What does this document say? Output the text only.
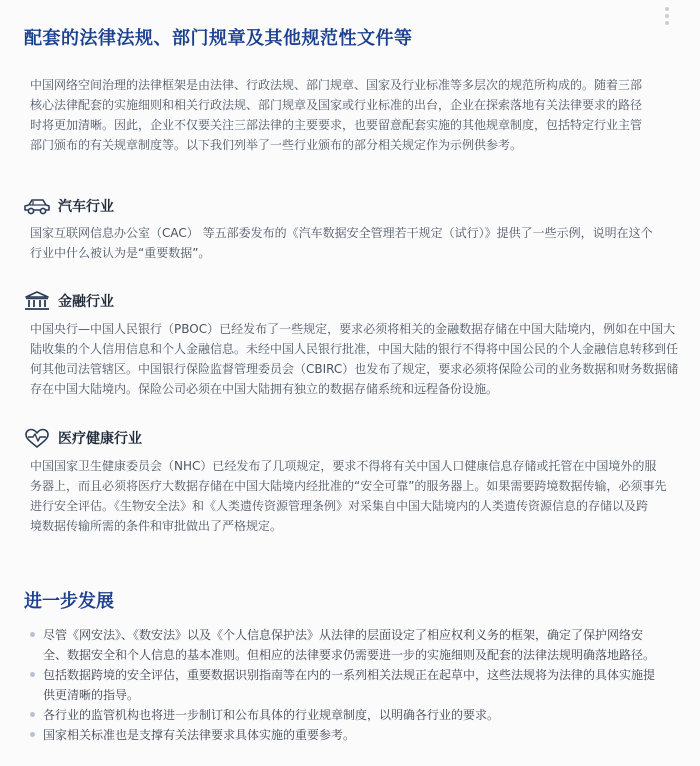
配套的法律法规、部门规章及其他规范性文件等
中国网络空间治理的法律框架是由法律、行政法规、部门规章、国家及行业标准等多层次的规范所构成的。随着三部
核心法律配套的实施细则和相关行政法规、部门规章及国家或行业标准的出台，企业在探索落地有关法律要求的路径
时将更加清晰。因此，企业不仅要关注三部法律的主要要求，也要留意配套实施的其他规章制度，包括特定行业主管
部门颁布的有关规章制度等。以下我们列举了一些行业颁布的部分相关规定作为示例供参考。
汽车行业
国家互联网信息办公室（CAC） 等五部委发布的《汽车数据安全管理若干规定（试行）》提供了一些示例，说明在这个
行业中什么被认为是“重要数据”。
金融行业
中国央行—中国人民银行（PBOC）已经发布了一些规定，要求必须将相关的金融数据存储在中国大陆境内，例如在中国大
陆收集的个人信用信息和个人金融信息。未经中国人民银行批准，中国大陆的银行不得将中国公民的个人金融信息转移到任
何其他司法管辖区。中国银行保险监督管理委员会（CBIRC）也发布了规定，要求必须将保险公司的业务数据和财务数据储
存在中国大陆境内。保险公司必须在中国大陆拥有独立的数据存储系统和远程备份设施。
医疗健康行业
中国国家卫生健康委员会（NHC）已经发布了几项规定，要求不得将有关中国人口健康信息存储或托管在中国境外的服
务器上，而且必须将医疗大数据存储在中国大陆境内经批准的“安全可靠”的服务器上。如果需要跨境数据传输，必须事先
进行安全评估。《生物安全法》和《人类遗传资源管理条例》对采集自中国大陆境内的人类遗传资源信息的存储以及跨
境数据传输所需的条件和审批做出了严格规定。
进一步发展
尽管《网安法》、《数安法》以及《个人信息保护法》从法律的层面设定了相应权利义务的框架，确定了保护网络安
全、数据安全和个人信息的基本准则。但相应的法律要求仍需要进一步的实施细则及配套的法律法规明确落地路径。
包括数据跨境的安全评估，重要数据识别指南等在内的一系列相关法规正在起草中，这些法规将为法律的具体实施提
供更清晰的指导。
各行业的监管机构也将进一步制订和公布具体的行业规章制度，以明确各行业的要求。
国家相关标准也是支撑有关法律要求具体实施的重要参考。
